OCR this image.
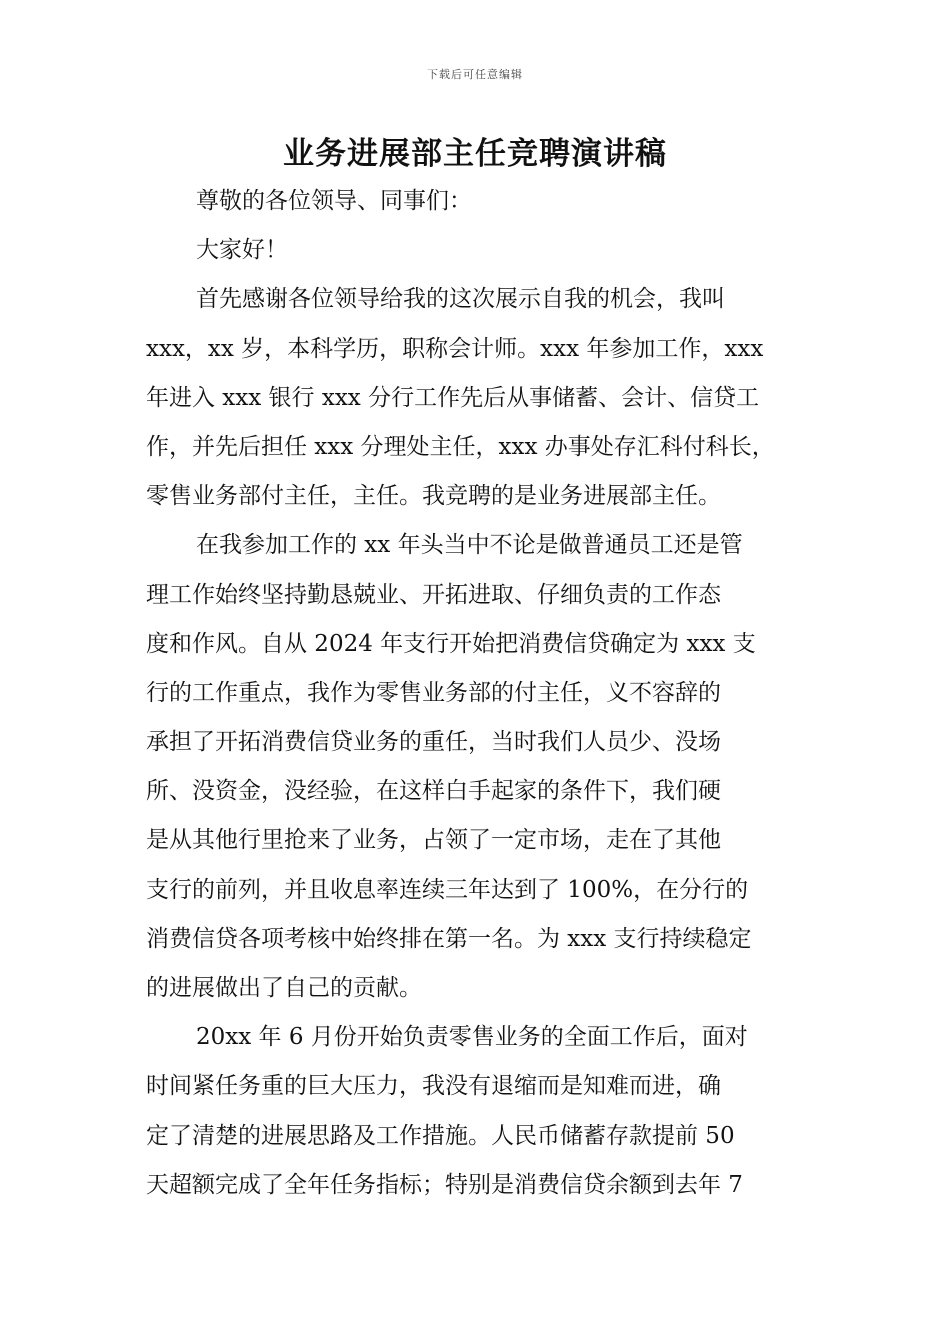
下载后可任意编辑
业务进展部主任竞聘演讲稿
尊敬的各位领导、同事们：
大家好！
首先感谢各位领导给我的这次展示自我的机会，我叫
xxx，xx 岁，本科学历，职称会计师。xxx 年参加工作，xxx
年进入 xxx 银行 xxx 分行工作先后从事储蓄、会计、信贷工
作，并先后担任 xxx 分理处主任，xxx 办事处存汇科付科长，
零售业务部付主任，主任。我竞聘的是业务进展部主任。
在我参加工作的 xx 年头当中不论是做普通员工还是管
理工作始终坚持勤恳兢业、开拓进取、仔细负责的工作态
度和作风。自从 2024 年支行开始把消费信贷确定为 xxx 支
行的工作重点，我作为零售业务部的付主任，义不容辞的
承担了开拓消费信贷业务的重任，当时我们人员少、没场
所、没资金，没经验，在这样白手起家的条件下，我们硬
是从其他行里抢来了业务，占领了一定市场，走在了其他
支行的前列，并且收息率连续三年达到了 100%，在分行的
消费信贷各项考核中始终排在第一名。为 xxx 支行持续稳定
的进展做出了自己的贡献。
20xx 年 6 月份开始负责零售业务的全面工作后，面对
时间紧任务重的巨大压力，我没有退缩而是知难而进，确
定了清楚的进展思路及工作措施。人民币储蓄存款提前 50
天超额完成了全年任务指标；特别是消费信贷余额到去年 7
